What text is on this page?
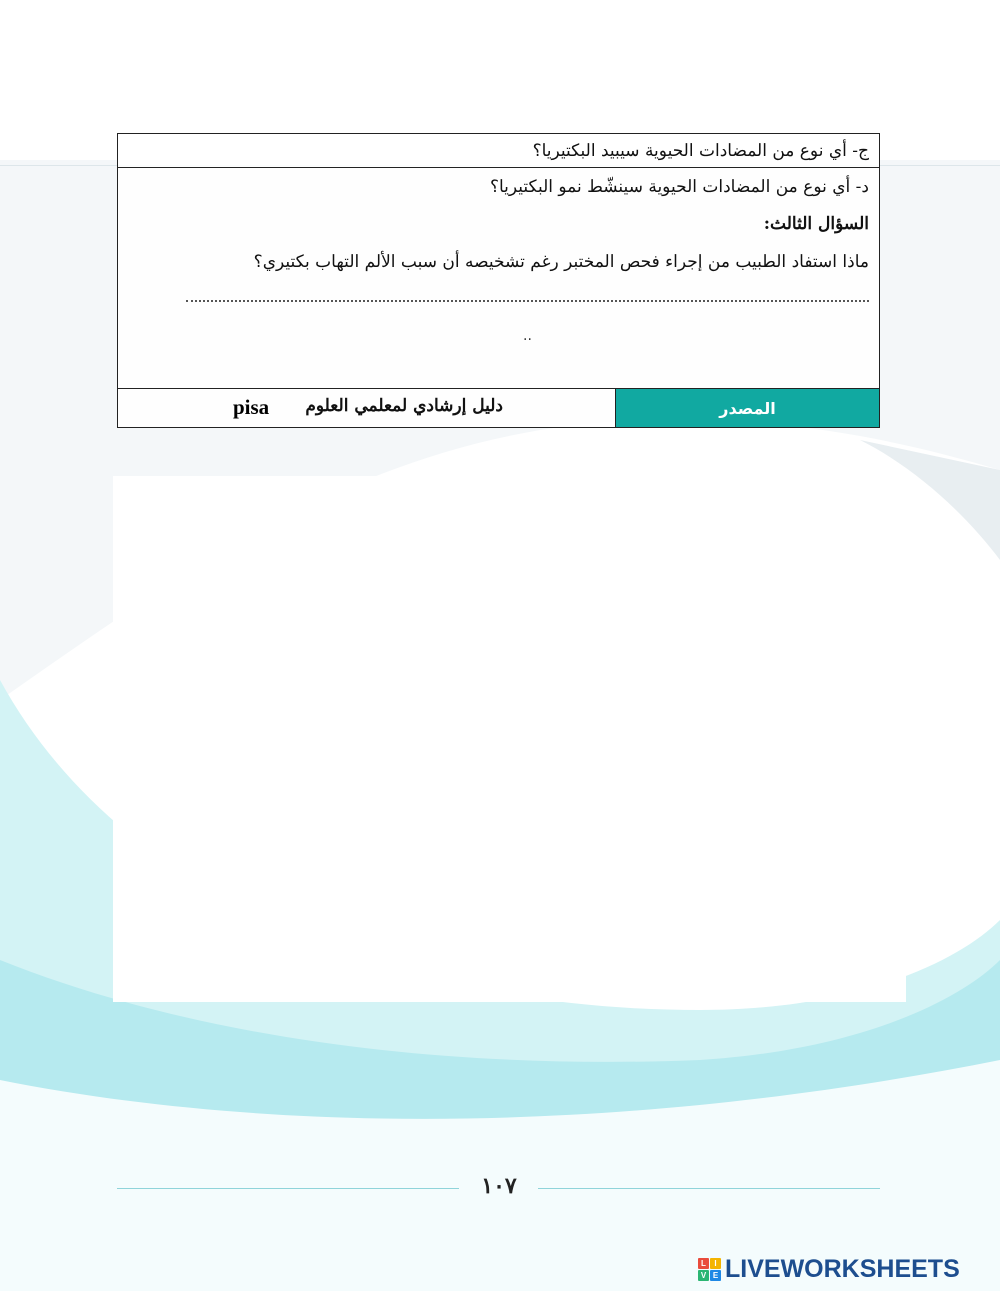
ج- أي نوع من المضادات الحيوية سيبيد البكتيريا؟
د- أي نوع من المضادات الحيوية سينشّط نمو البكتيريا؟
السؤال الثالث:
ماذا استفاد الطبيب من إجراء فحص المختبر رغم تشخيصه أن سبب الألم التهاب بكتيري؟
..
المصدر
دليل إرشادي لمعلمي العلوم
pisa
١٠٧
L	I
V E LIVEWORKSHEETS
